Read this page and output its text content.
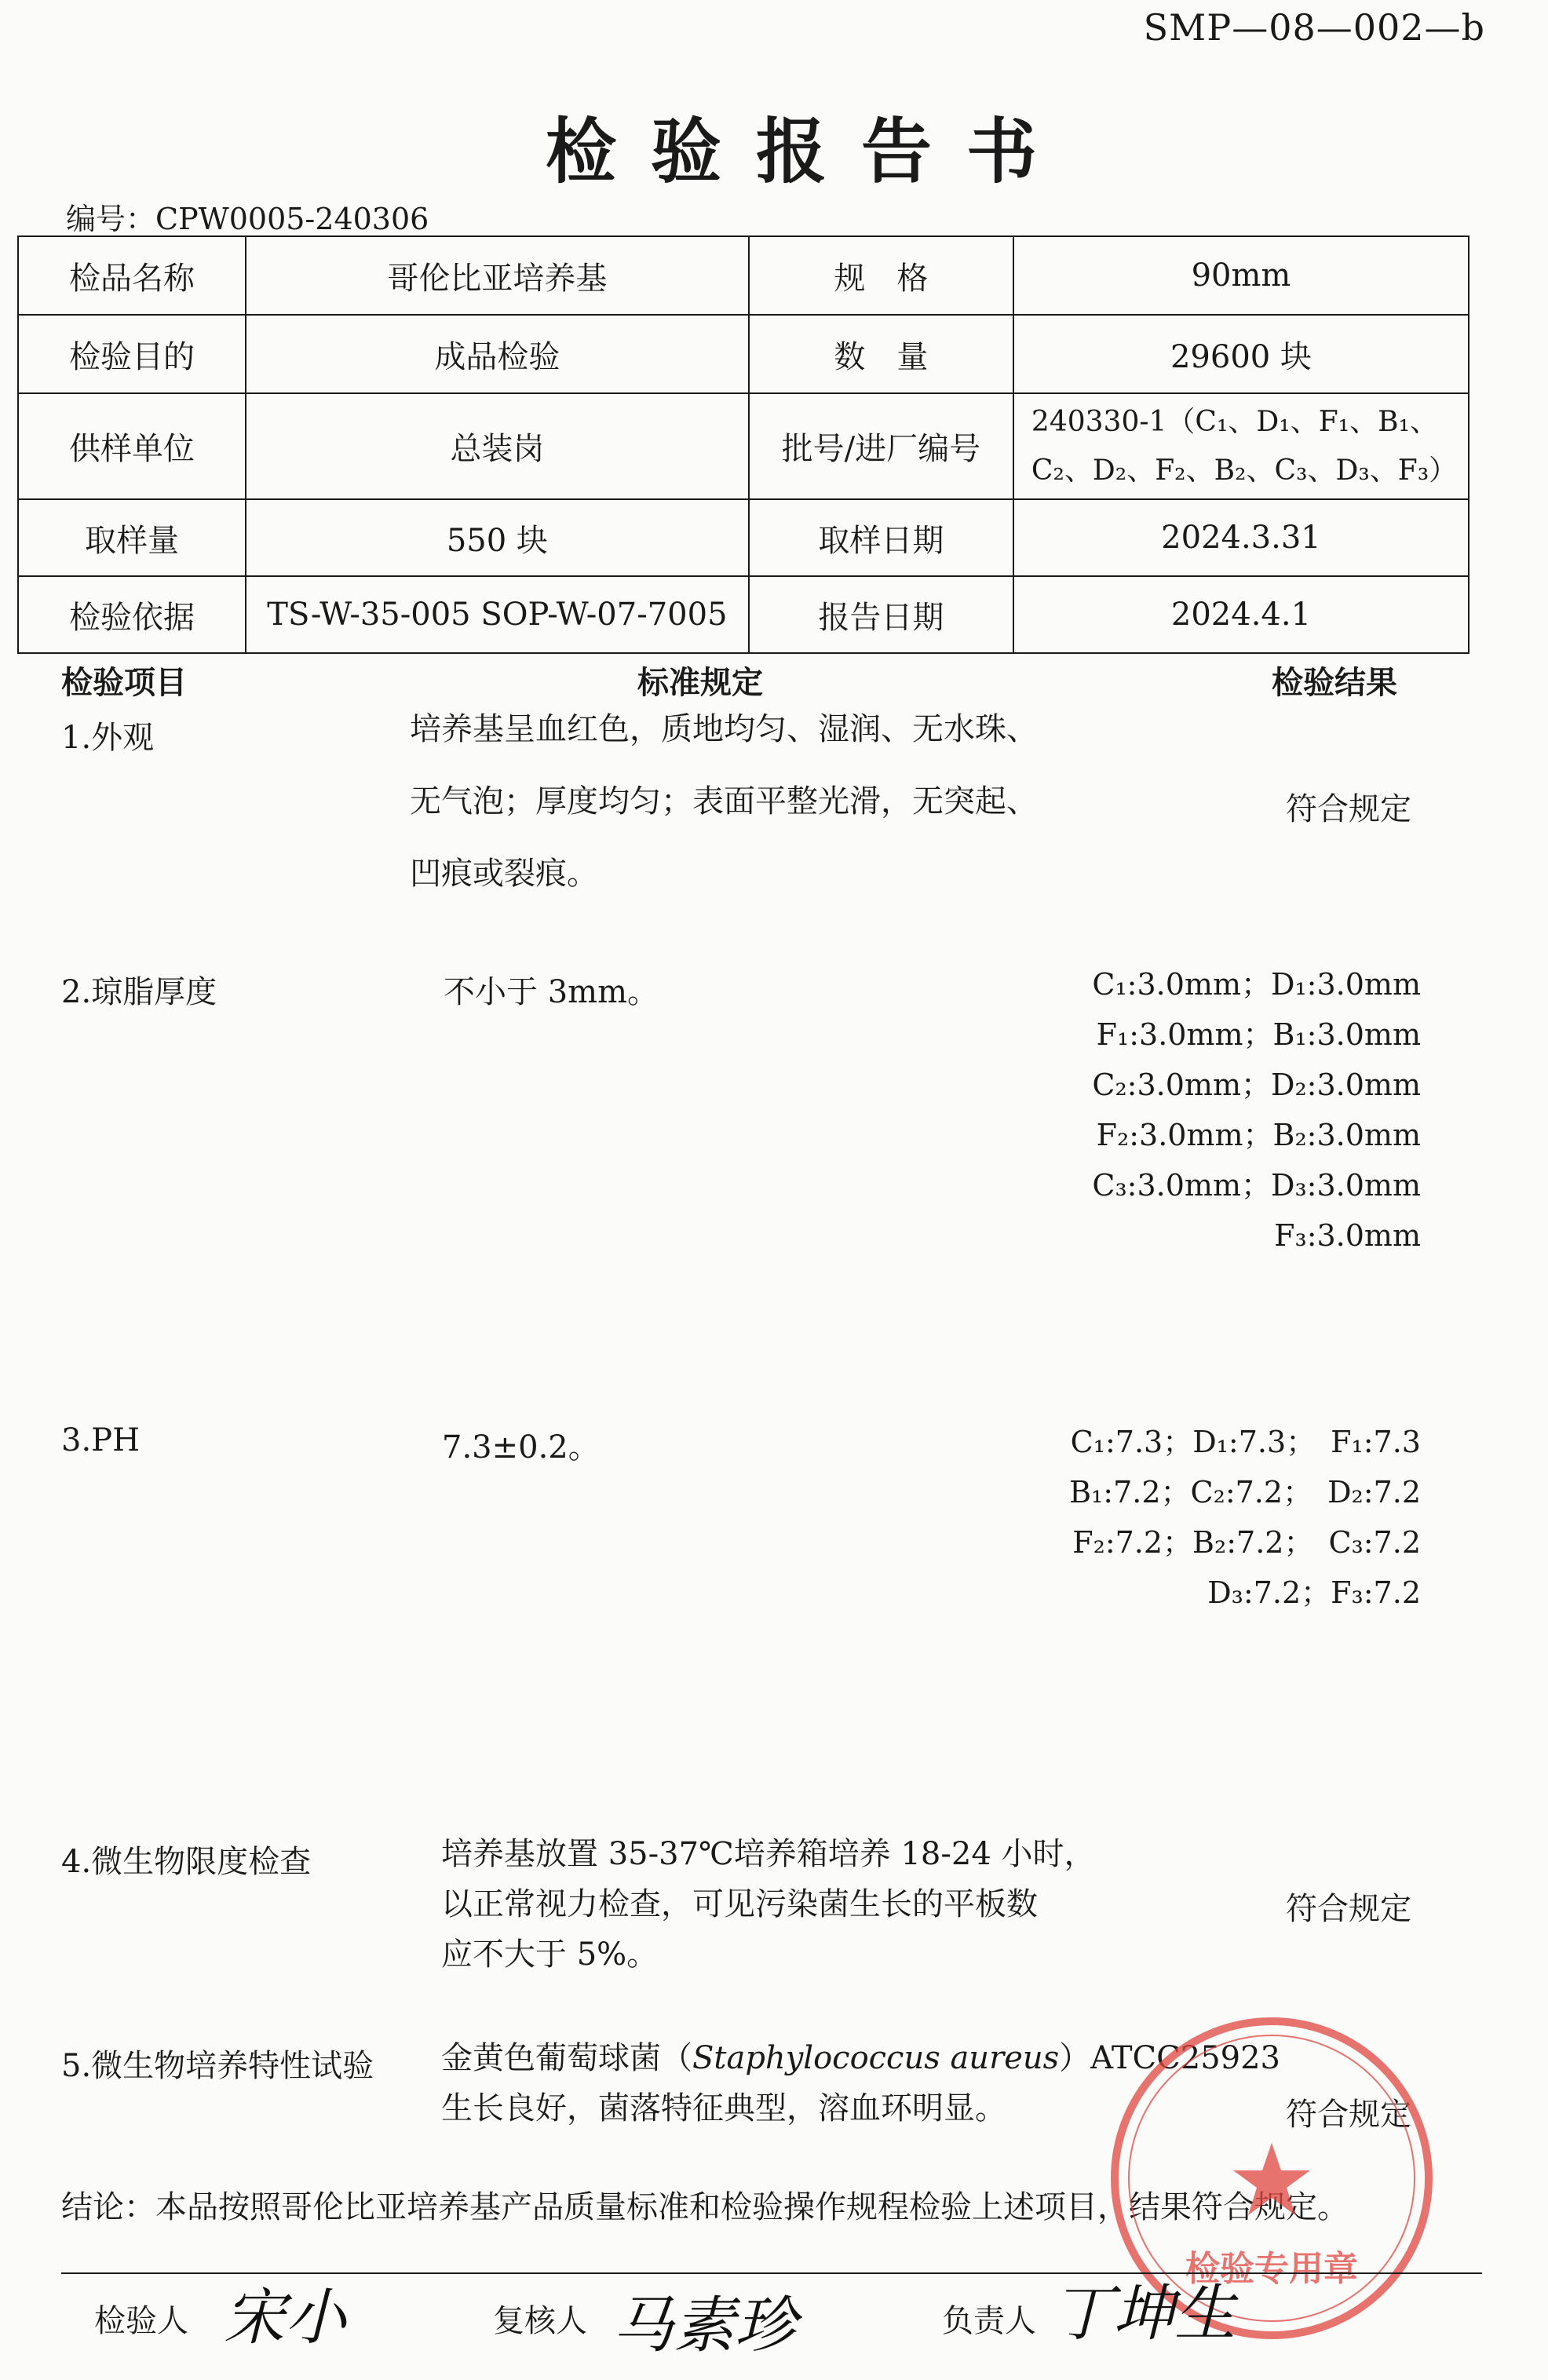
SMP—08—002—b
检验报告书
编号：CPW0005-240306
检品名称	哥伦比亚培养基	规　格	90mm
检验目的	成品检验	数　量	29600 块
供样单位	总装岗	批号/进厂编号	240330-1（C₁、D₁、F₁、B₁、
C₂、D₂、F₂、B₂、C₃、D₃、F₃）

取样量	550 块	取样日期	2024.3.31
检验依据	TS-W-35-005 SOP-W-07-7005	报告日期	2024.4.1
检验项目	标准规定	检验结果
1.外观	培养基呈血红色，质地均匀、湿润、无水珠、
无气泡；厚度均匀；表面平整光滑，无突起、
凹痕或裂痕。
符合规定
2.琼脂厚度	不小于 3mm。	C₁:3.0mm；D₁:3.0mm
F₁:3.0mm；B₁:3.0mm
C₂:3.0mm；D₂:3.0mm
F₂:3.0mm；B₂:3.0mm
C₃:3.0mm；D₃:3.0mm
F₃:3.0mm
3.PH	7.3±0.2。	C₁:7.3；D₁:7.3；　F₁:7.3
B₁:7.2；C₂:7.2；　D₂:7.2
F₂:7.2；B₂:7.2；　C₃:7.2
D₃:7.2；F₃:7.2
4.微生物限度检查	培养基放置 35-37℃培养箱培养 18-24 小时，
以正常视力检查，可见污染菌生长的平板数
应不大于 5%。
符合规定
5.微生物培养特性试验 金黄色葡萄球菌（Staphylococcus aureus）ATCC25923
生长良好，菌落特征典型，溶血环明显。	符合规定
结论：本品按照哥伦比亚培养基产品质量标准和检验操作规程检验上述项目，结果符合规定。
检验专用章
检验人 宋小	复核人 马素珍	负责人 丁坤生
